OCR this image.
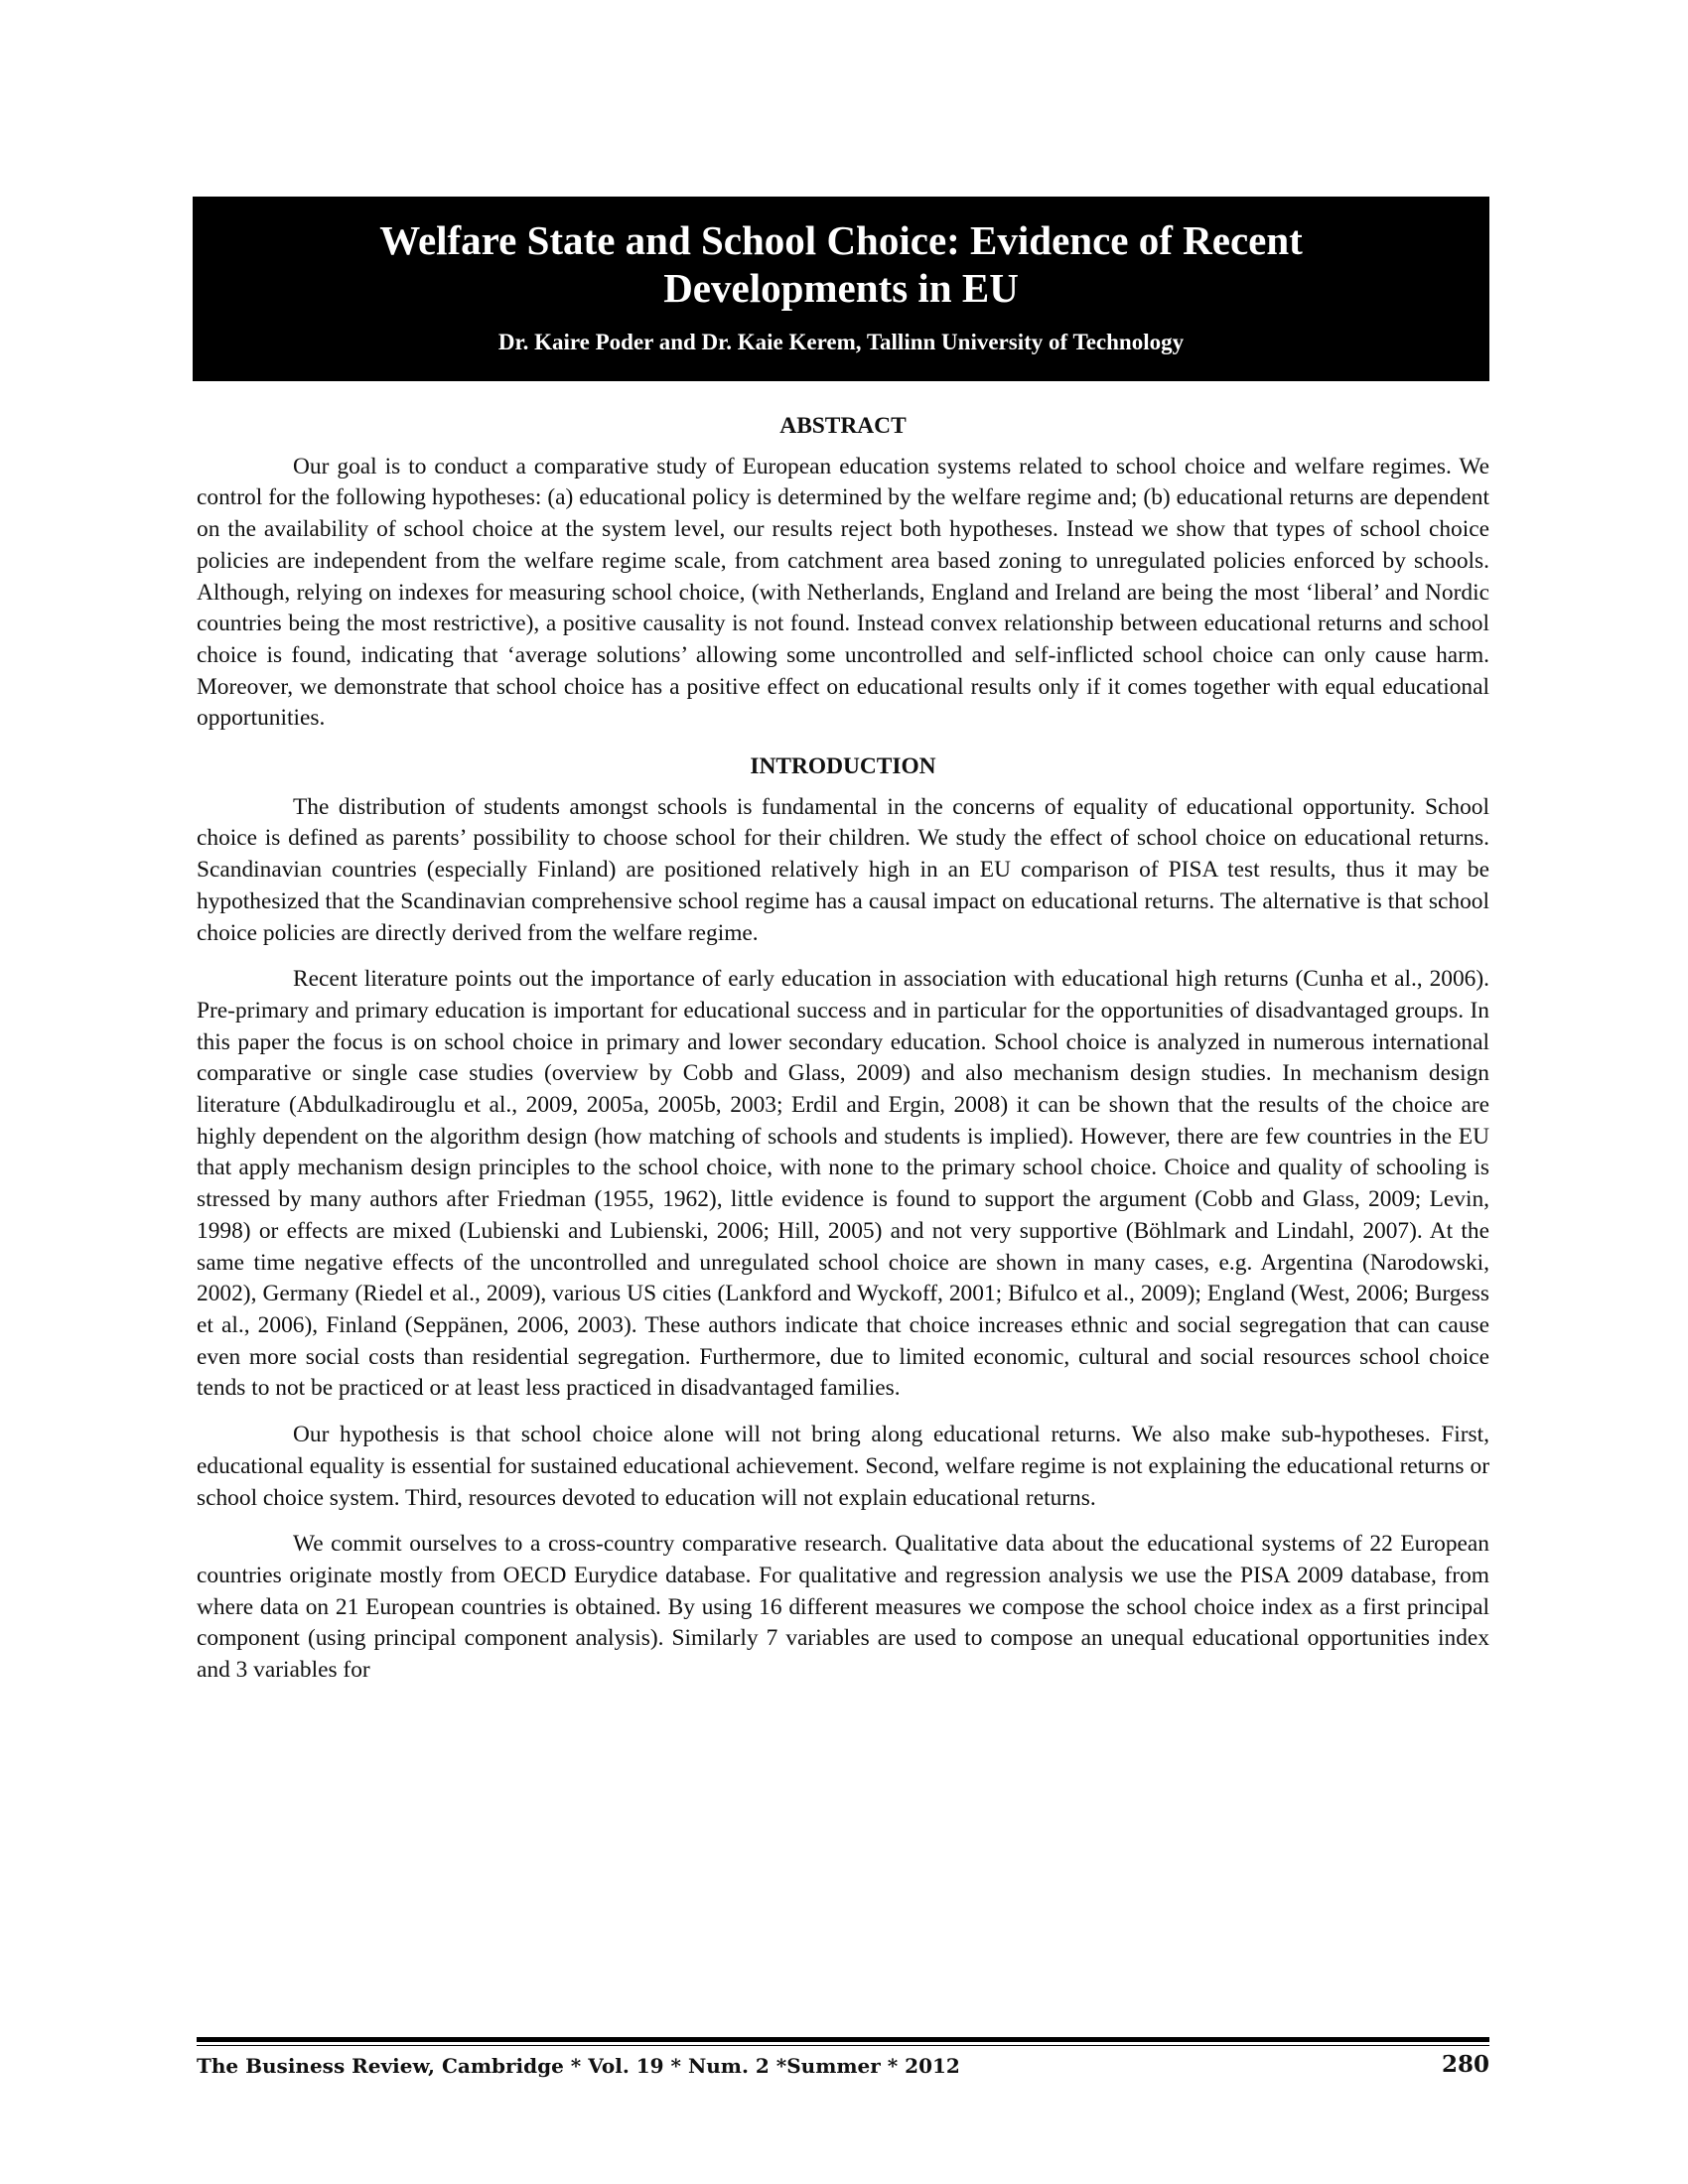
Welfare State and School Choice: Evidence of Recent
Developments in EU
Dr. Kaire Poder and Dr. Kaie Kerem, Tallinn University of Technology
ABSTRACT

Our goal is to conduct a comparative study of European education systems related to school choice and welfare regimes. We control for the following hypotheses: (a) educational policy is determined by the welfare regime and; (b) educational returns are dependent on the availability of school choice at the system level, our results reject both hypotheses. Instead we show that types of school choice policies are independent from the welfare regime scale, from catchment area based zoning to unregulated policies enforced by schools. Although, relying on indexes for measuring school choice, (with Netherlands, England and Ireland are being the most ‘liberal’ and Nordic countries being the most restrictive), a positive causality is not found. Instead convex relationship between educational returns and school choice is found, indicating that ‘average solutions’ allowing some uncontrolled and self-inflicted school choice can only cause harm. Moreover, we demonstrate that school choice has a positive effect on educational results only if it comes together with equal educational opportunities.

INTRODUCTION

The distribution of students amongst schools is fundamental in the concerns of equality of educational opportunity. School choice is defined as parents’ possibility to choose school for their children. We study the effect of school choice on educational returns. Scandinavian countries (especially Finland) are positioned relatively high in an EU comparison of PISA test results, thus it may be hypothesized that the Scandinavian comprehensive school regime has a causal impact on educational returns. The alternative is that school choice policies are directly derived from the welfare regime.

Recent literature points out the importance of early education in association with educational high returns (Cunha et al., 2006). Pre-primary and primary education is important for educational success and in particular for the opportunities of disadvantaged groups. In this paper the focus is on school choice in primary and lower secondary education. School choice is analyzed in numerous international comparative or single case studies (overview by Cobb and Glass, 2009) and also mechanism design studies. In mechanism design literature (Abdulkadirouglu et al., 2009, 2005a, 2005b, 2003; Erdil and Ergin, 2008) it can be shown that the results of the choice are highly dependent on the algorithm design (how matching of schools and students is implied). However, there are few countries in the EU that apply mechanism design principles to the school choice, with none to the primary school choice. Choice and quality of schooling is stressed by many authors after Friedman (1955, 1962), little evidence is found to support the argument (Cobb and Glass, 2009; Levin, 1998) or effects are mixed (Lubienski and Lubienski, 2006; Hill, 2005) and not very supportive (Böhlmark and Lindahl, 2007). At the same time negative effects of the uncontrolled and unregulated school choice are shown in many cases, e.g. Argentina (Narodowski, 2002), Germany (Riedel et al., 2009), various US cities (Lankford and Wyckoff, 2001; Bifulco et al., 2009); England (West, 2006; Burgess et al., 2006), Finland (Seppänen, 2006, 2003). These authors indicate that choice increases ethnic and social segregation that can cause even more social costs than residential segregation. Furthermore, due to limited economic, cultural and social resources school choice tends to not be practiced or at least less practiced in disadvantaged families.

Our hypothesis is that school choice alone will not bring along educational returns. We also make sub-hypotheses. First, educational equality is essential for sustained educational achievement. Second, welfare regime is not explaining the educational returns or school choice system. Third, resources devoted to education will not explain educational returns.

We commit ourselves to a cross-country comparative research. Qualitative data about the educational systems of 22 European countries originate mostly from OECD Eurydice database. For qualitative and regression analysis we use the PISA 2009 database, from where data on 21 European countries is obtained. By using 16 different measures we compose the school choice index as a first principal component (using principal component analysis). Similarly 7 variables are used to compose an unequal educational opportunities index and 3 variables for

The Business Review, Cambridge * Vol. 19 * Num. 2 *Summer * 2012	280
